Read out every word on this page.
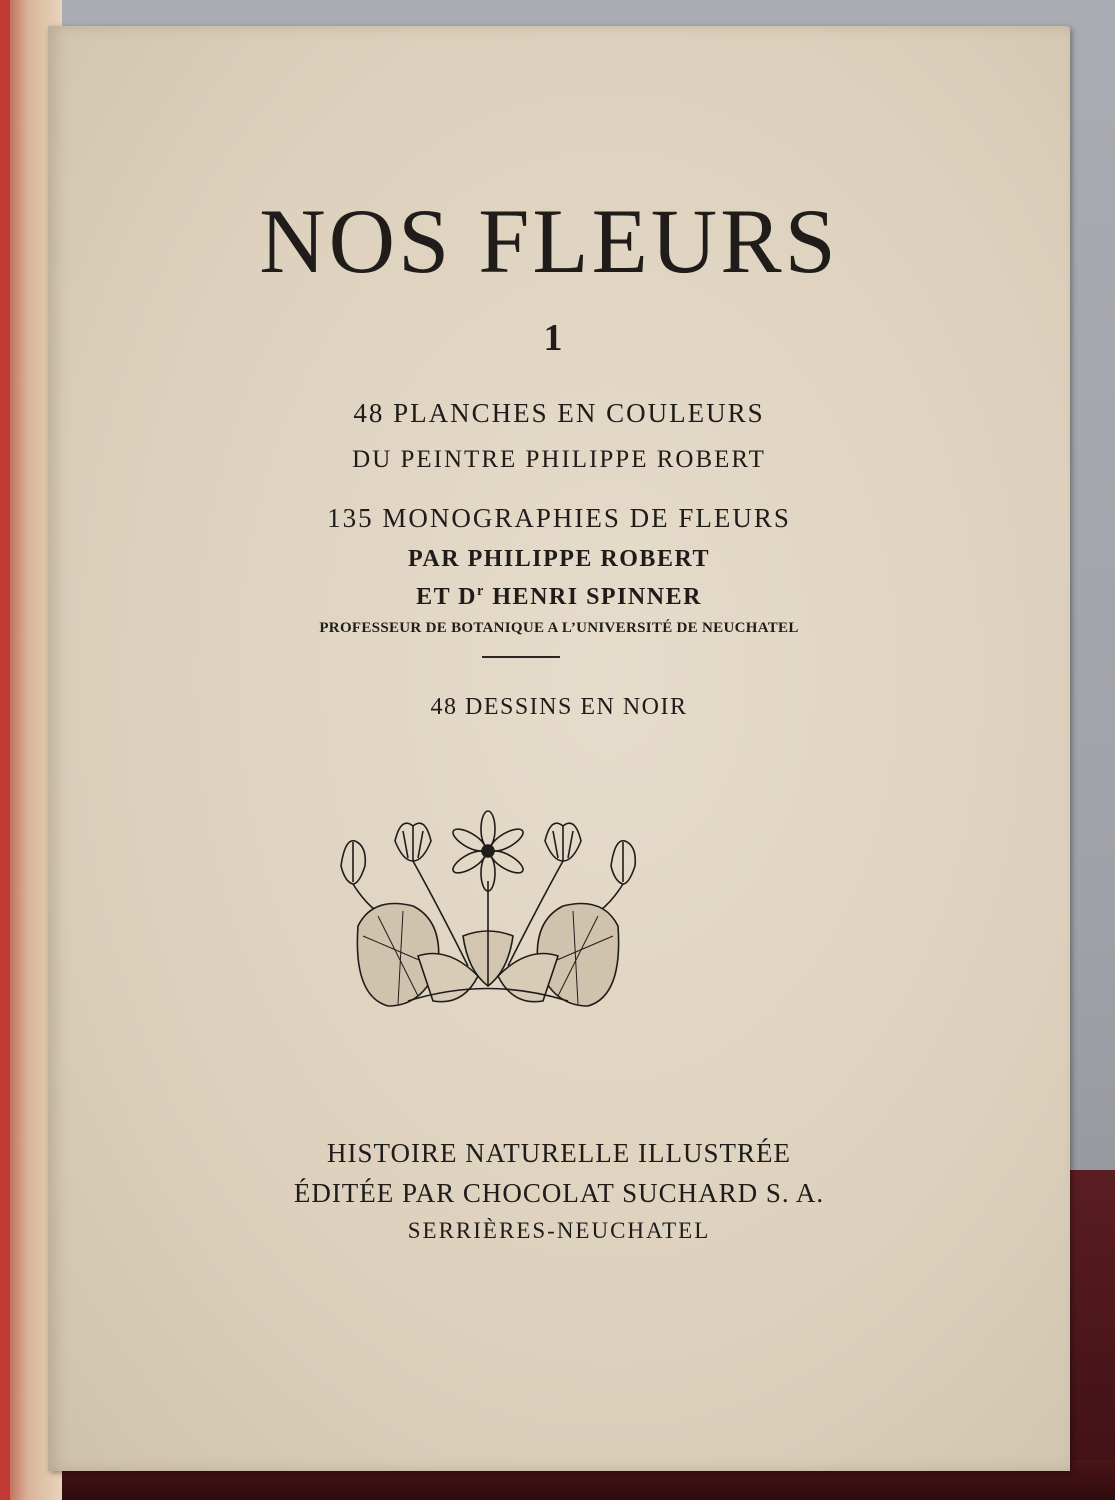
NOS FLEURS
1
48 PLANCHES EN COULEURS
DU PEINTRE PHILIPPE ROBERT
135 MONOGRAPHIES DE FLEURS
PAR PHILIPPE ROBERT
ET $D^r$ HENRI SPINNER
PROFESSEUR DE BOTANIQUE A L’UNIVERSITÉ DE NEUCHATEL
48 DESSINS EN NOIR
HISTOIRE NATURELLE ILLUSTRÉE
ÉDITÉE PAR CHOCOLAT SUCHARD S. A.
SERRIÈRES-NEUCHATEL
